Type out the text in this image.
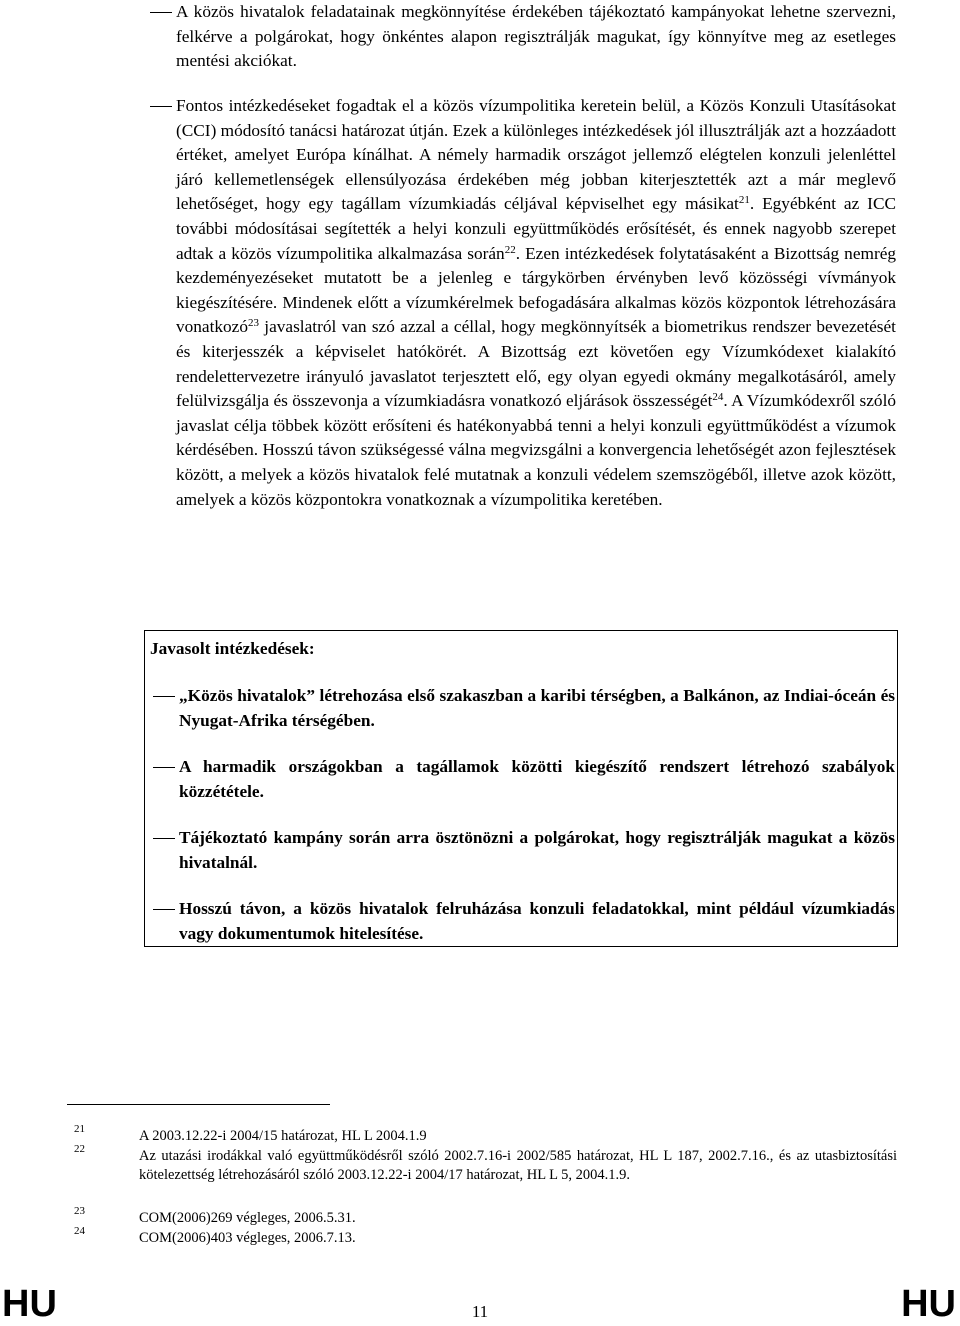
A közös hivatalok feladatainak megkönnyítése érdekében tájékoztató kampányokat lehetne szervezni, felkérve a polgárokat, hogy önkéntes alapon regisztrálják magukat, így könnyítve meg az esetleges mentési akciókat.
Fontos intézkedéseket fogadtak el a közös vízumpolitika keretein belül, a Közös Konzuli Utasításokat (CCI) módosító tanácsi határozat útján. Ezek a különleges intézkedések jól illusztrálják azt a hozzáadott értéket, amelyet Európa kínálhat. A némely harmadik országot jellemző elégtelen konzuli jelenléttel járó kellemetlenségek ellensúlyozása érdekében még jobban kiterjesztették azt a már meglevő lehetőséget, hogy egy tagállam vízumkiadás céljával képviselhet egy másikat$^{21}$. Egyébként az ICC további módosításai segítették a helyi konzuli együttműködés erősítését, és ennek nagyobb szerepet adtak a közös vízumpolitika alkalmazása során$^{22}$. Ezen intézkedések folytatásaként a Bizottság nemrég kezdeményezéseket mutatott be a jelenleg e tárgykörben érvényben levő közösségi vívmányok kiegészítésére. Mindenek előtt a vízumkérelmek befogadására alkalmas közös központok létrehozására vonatkozó$^{23}$ javaslatról van szó azzal a céllal, hogy megkönnyítsék a biometrikus rendszer bevezetését és kiterjesszék a képviselet hatókörét. A Bizottság ezt követően egy Vízumkódexet kialakító rendelettervezetre irányuló javaslatot terjesztett elő, egy olyan egyedi okmány megalkotásáról, amely felülvizsgálja és összevonja a vízumkiadásra vonatkozó eljárások összességét$^{24}$. A Vízumkódexről szóló javaslat célja többek között erősíteni és hatékonyabbá tenni a helyi konzuli együttműködést a vízumok kérdésében. Hosszú távon szükségessé válna megvizsgálni a konvergencia lehetőségét azon fejlesztések között, a melyek a közös hivatalok felé mutatnak a konzuli védelem szemszögéből, illetve azok között, amelyek a közös központokra vonatkoznak a vízumpolitika keretében.
Javasolt intézkedések:
„Közös hivatalok” létrehozása első szakaszban a karibi térségben, a Balkánon, az Indiai-óceán és Nyugat-Afrika térségében.
A harmadik országokban a tagállamok közötti kiegészítő rendszert létrehozó szabályok közzététele.
Tájékoztató kampány során arra ösztönözni a polgárokat, hogy regisztrálják magukat a közös hivatalnál.
Hosszú távon, a közös hivatalok felruházása konzuli feladatokkal, mint például vízumkiadás vagy dokumentumok hitelesítése.
21	A 2003.12.22-i 2004/15 határozat, HL L 2004.1.9
22	Az utazási irodákkal való együttműködésről szóló 2002.7.16-i 2002/585 határozat, HL L 187, 2002.7.16., és az utasbiztosítási kötelezettség létrehozásáról szóló 2003.12.22-i 2004/17 határozat, HL L 5, 2004.1.9.
23	COM(2006)269 végleges, 2006.5.31.
24	COM(2006)403 végleges, 2006.7.13.
HU	11	HU
